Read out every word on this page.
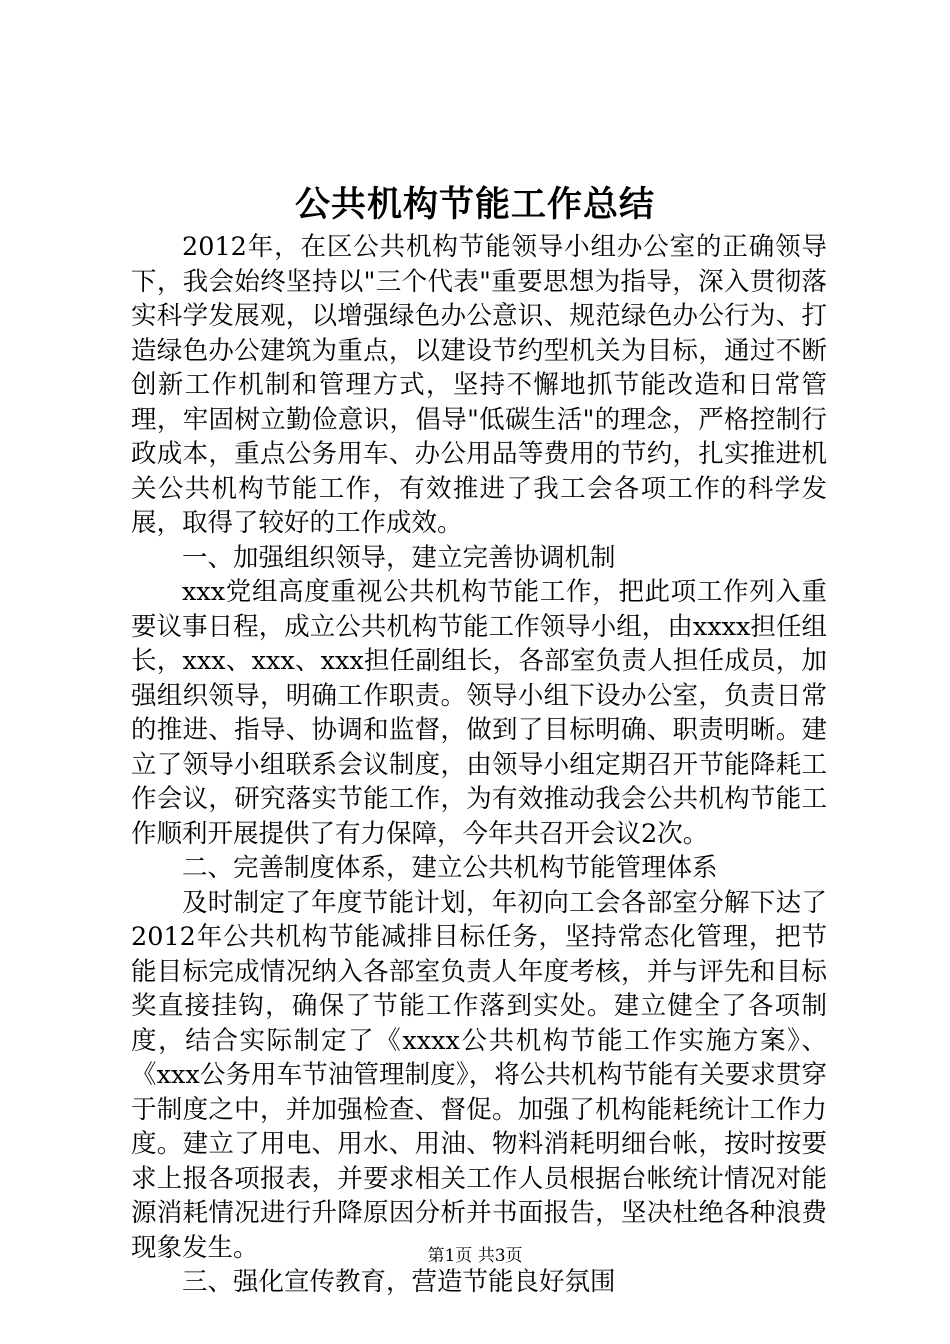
公共机构节能工作总结

2012年，在区公共机构节能领导小组办公室的正确领导下，我会始终坚持以"三个代表"重要思想为指导，深入贯彻落实科学发展观，以增强绿色办公意识、规范绿色办公行为、打造绿色办公建筑为重点，以建设节约型机关为目标，通过不断创新工作机制和管理方式，坚持不懈地抓节能改造和日常管理，牢固树立勤俭意识，倡导"低碳生活"的理念，严格控制行政成本，重点公务用车、办公用品等费用的节约，扎实推进机关公共机构节能工作，有效推进了我工会各项工作的科学发展，取得了较好的工作成效。

一、加强组织领导，建立完善协调机制

xxx党组高度重视公共机构节能工作，把此项工作列入重要议事日程，成立公共机构节能工作领导小组，由xxxx担任组长，xxx、xxx、xxx担任副组长，各部室负责人担任成员，加强组织领导，明确工作职责。领导小组下设办公室，负责日常的推进、指导、协调和监督，做到了目标明确、职责明晰。建立了领导小组联系会议制度，由领导小组定期召开节能降耗工作会议，研究落实节能工作，为有效推动我会公共机构节能工作顺利开展提供了有力保障，今年共召开会议2次。

二、完善制度体系，建立公共机构节能管理体系

及时制定了年度节能计划，年初向工会各部室分解下达了2012年公共机构节能减排目标任务，坚持常态化管理，把节能目标完成情况纳入各部室负责人年度考核，并与评先和目标奖直接挂钩，确保了节能工作落到实处。建立健全了各项制度，结合实际制定了《xxxx公共机构节能工作实施方案》、《xxx公务用车节油管理制度》，将公共机构节能有关要求贯穿于制度之中，并加强检查、督促。加强了机构能耗统计工作力度。建立了用电、用水、用油、物料消耗明细台帐，按时按要求上报各项报表，并要求相关工作人员根据台帐统计情况对能源消耗情况进行升降原因分析并书面报告，坚决杜绝各种浪费现象发生。

三、强化宣传教育，营造节能良好氛围

第1页 共3页
